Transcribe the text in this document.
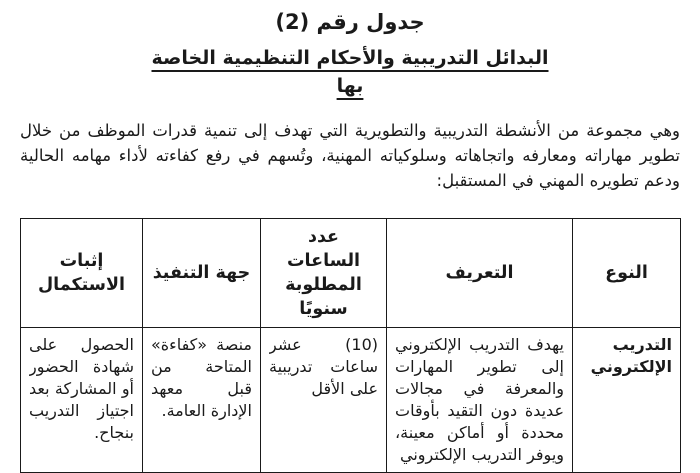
جدول رقم (2)
البدائل التدريبية والأحكام التنظيمية الخاصة بها
وهي مجموعة من الأنشطة التدريبية والتطويرية التي تهدف إلى تنمية قدرات الموظف من خلال تطوير مهاراته ومعارفه واتجاهاته وسلوكياته المهنية، وتُسهم في رفع كفاءته لأداء مهامه الحالية ودعم تطويره المهني في المستقبل:
النوع	التعريف	عدد الساعات المطلوبة سنويًا	جهة التنفيذ	إثبات الاستكمال

التدريب الإلكتروني	يهدف التدريب الإلكتروني إلى تطوير المهارات والمعرفة في مجالات عديدة دون التقيد بأوقات محددة أو أماكن معينة، ويوفر التدريب الإلكتروني	(10) عشر ساعات تدريبية على الأقل	منصة «كفاءة» المتاحة من قبل معهد الإدارة العامة.	الحصول على شهادة الحضور أو المشاركة بعد اجتياز التدريب بنجاح.
